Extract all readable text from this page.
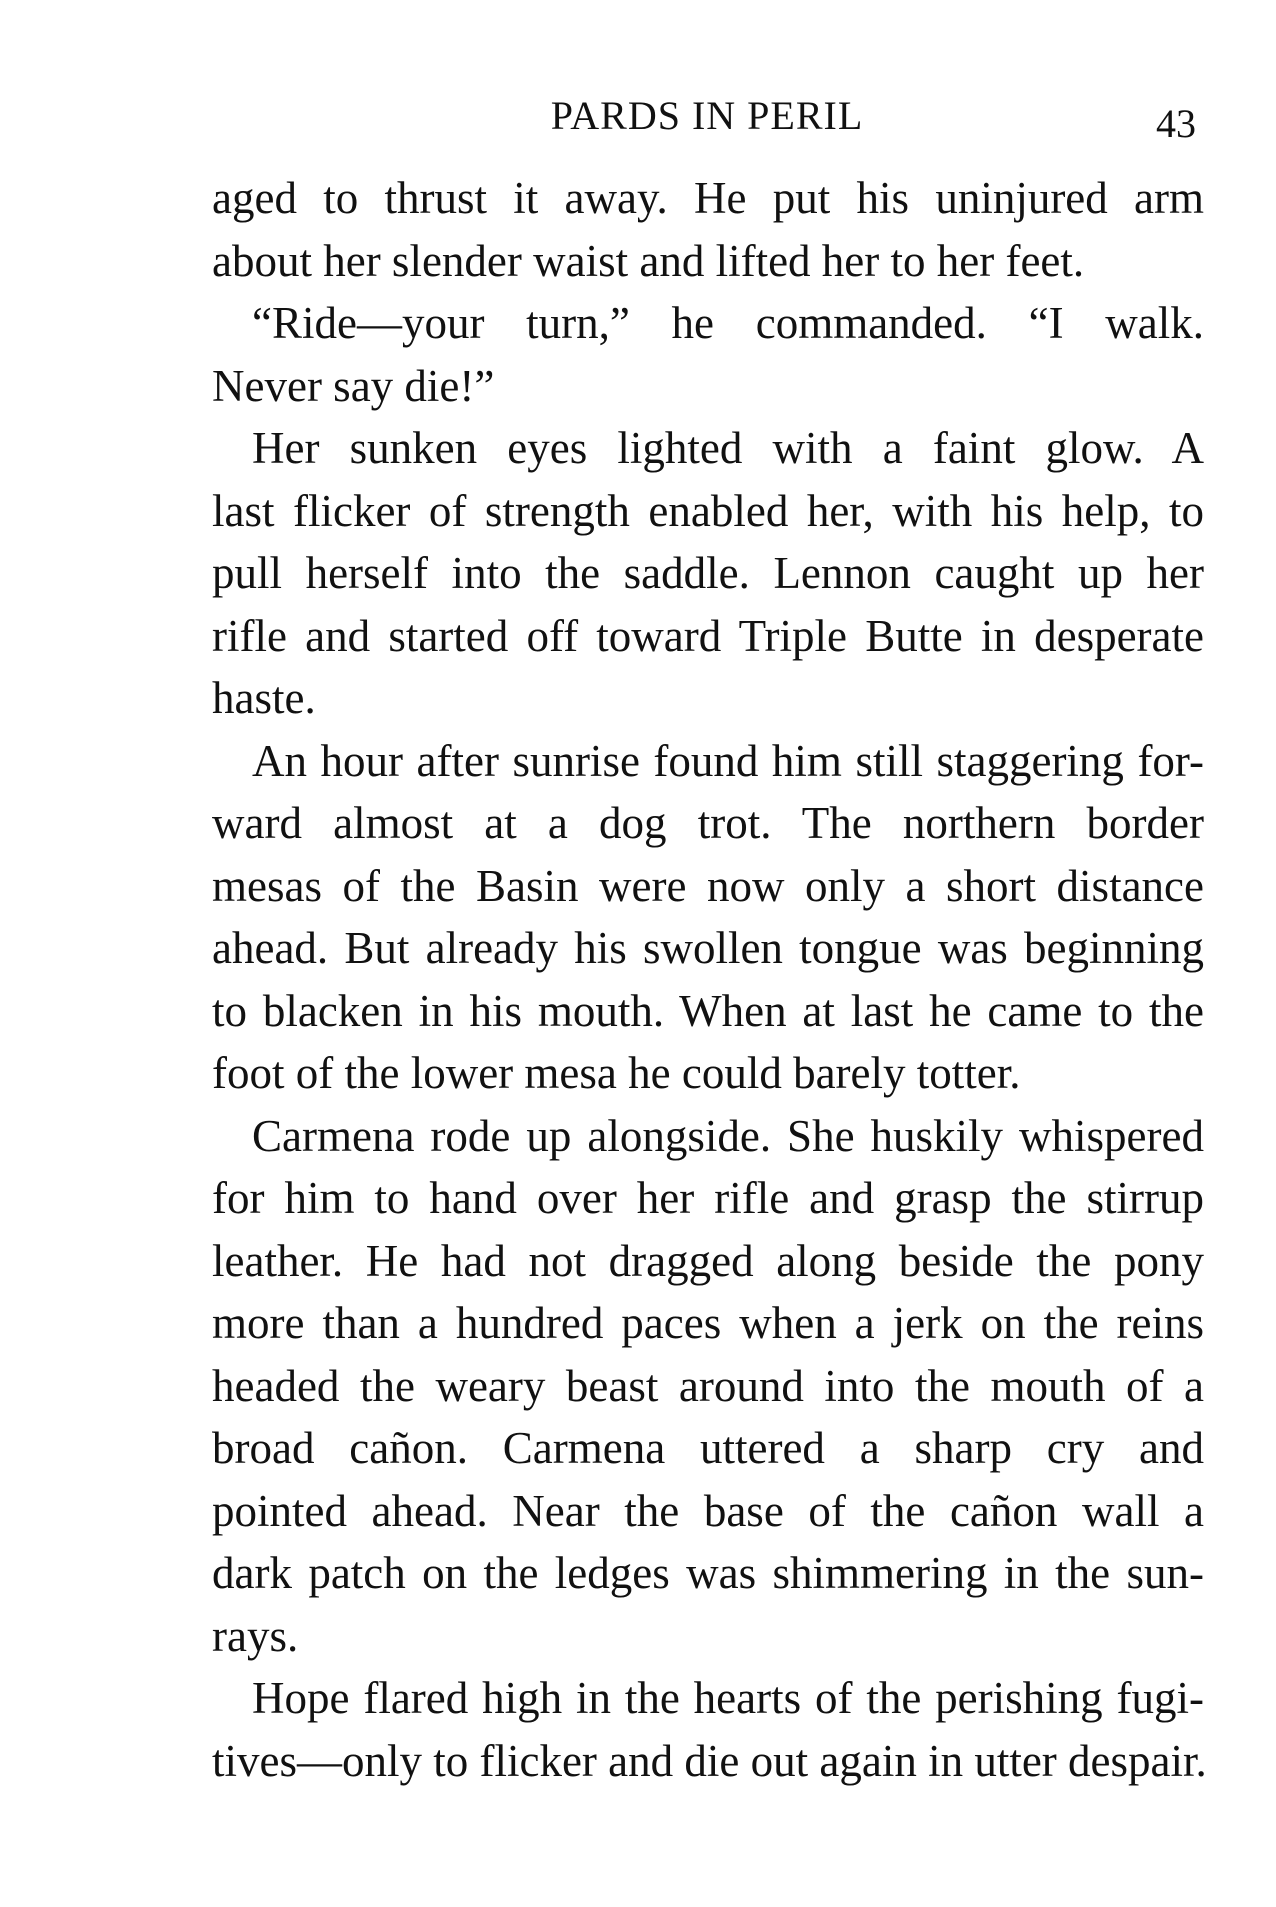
PARDS IN PERIL	43
aged to thrust it away. He put his uninjured arm
about her slender waist and lifted her to her feet.
“Ride—your turn,” he commanded. “I walk.
Never say die!”
Her sunken eyes lighted with a faint glow. A
last flicker of strength enabled her, with his help, to
pull herself into the saddle. Lennon caught up her
rifle and started off toward Triple Butte in desperate
haste.
An hour after sunrise found him still staggering for-
ward almost at a dog trot. The northern border
mesas of the Basin were now only a short distance
ahead. But already his swollen tongue was beginning
to blacken in his mouth. When at last he came to the
foot of the lower mesa he could barely totter.
Carmena rode up alongside. She huskily whispered
for him to hand over her rifle and grasp the stirrup
leather. He had not dragged along beside the pony
more than a hundred paces when a jerk on the reins
headed the weary beast around into the mouth of a
broad cañon. Carmena uttered a sharp cry and
pointed ahead. Near the base of the cañon wall a
dark patch on the ledges was shimmering in the sun-
rays.
Hope flared high in the hearts of the perishing fugi-
tives—only to flicker and die out again in utter despair.
